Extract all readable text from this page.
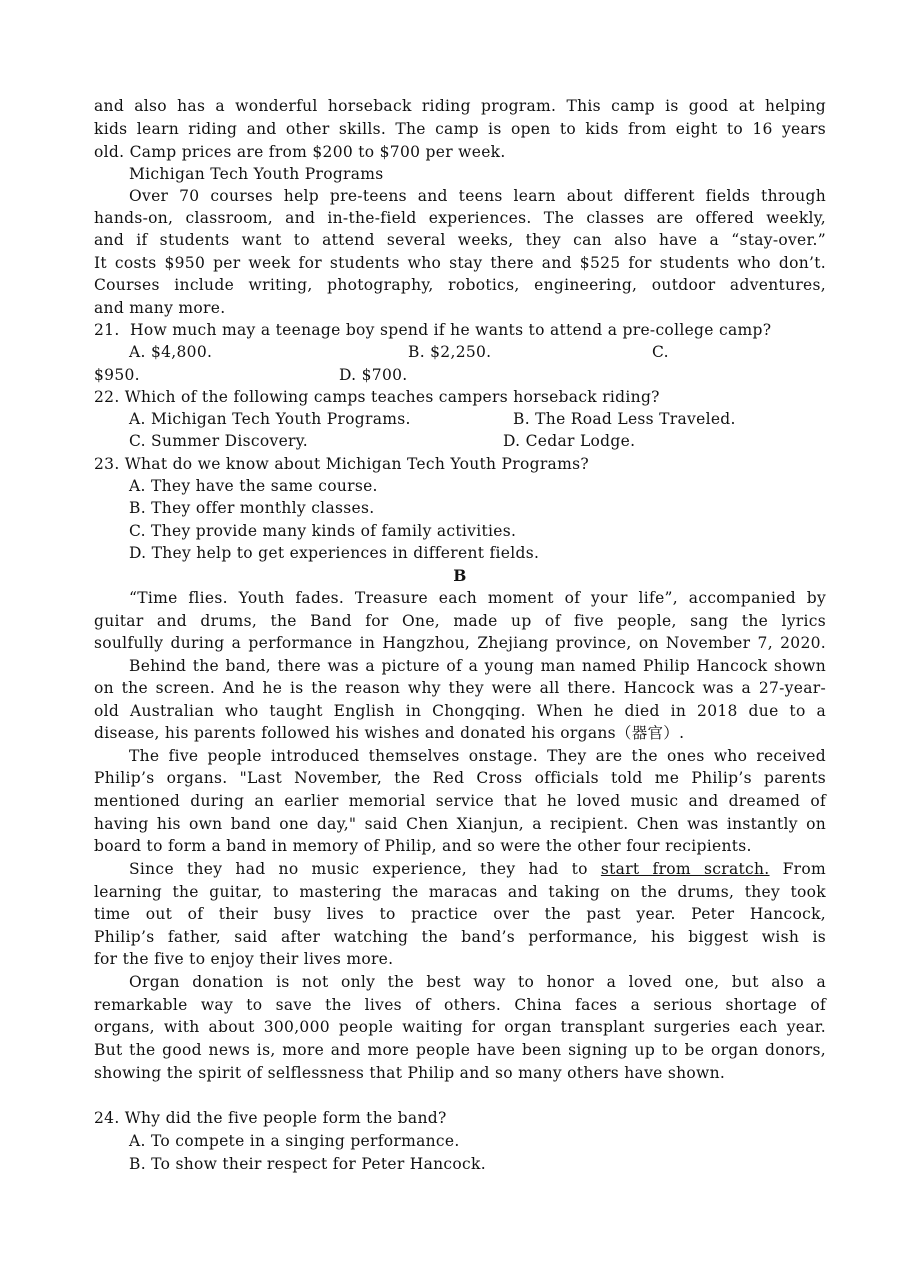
and also has a wonderful horseback riding program. This camp is good at helping
kids learn riding and other skills. The camp is open to kids from eight to 16 years
old. Camp prices are from $200 to $700 per week.
Michigan Tech Youth Programs
Over 70 courses help pre-teens and teens learn about different fields through
hands-on, classroom, and in-the-field experiences. The classes are offered weekly,
and if students want to attend several weeks, they can also have a “stay-over.”
It costs $950 per week for students who stay there and $525 for students who don’t.
Courses include writing, photography, robotics, engineering, outdoor adventures,
and many more.
21.  How much may a teenage boy spend if he wants to attend a pre-college camp?
A. $4,800.	B. $2,250.	C.
$950.	D. $700.
22. Which of the following camps teaches campers horseback riding?
A. Michigan Tech Youth Programs.	B. The Road Less Traveled.
C. Summer Discovery.	D. Cedar Lodge.
23. What do we know about Michigan Tech Youth Programs?
A. They have the same course.
B. They offer monthly classes.
C. They provide many kinds of family activities.
D. They help to get experiences in different fields.
B
“Time flies. Youth fades. Treasure each moment of your life”, accompanied by
guitar and drums, the Band for One, made up of five people, sang the lyrics
soulfully during a performance in Hangzhou, Zhejiang province, on November 7, 2020.
Behind the band, there was a picture of a young man named Philip Hancock shown
on the screen. And he is the reason why they were all there. Hancock was a 27-year-
old Australian who taught English in Chongqing. When he died in 2018 due to a
disease, his parents followed his wishes and donated his organs（器官）.
The five people introduced themselves onstage. They are the ones who received
Philip’s organs. "Last November, the Red Cross officials told me Philip’s parents
mentioned during an earlier memorial service that he loved music and dreamed of
having his own band one day," said Chen Xianjun, a recipient. Chen was instantly on
board to form a band in memory of Philip, and so were the other four recipients.
Since they had no music experience, they had to start from scratch. From
learning the guitar, to mastering the maracas and taking on the drums, they took
time out of their busy lives to practice over the past year. Peter Hancock,
Philip’s father, said after watching the band’s performance, his biggest wish is
for the five to enjoy their lives more.
Organ donation is not only the best way to honor a loved one, but also a
remarkable way to save the lives of others. China faces a serious shortage of
organs, with about 300,000 people waiting for organ transplant surgeries each year.
But the good news is, more and more people have been signing up to be organ donors,
showing the spirit of selflessness that Philip and so many others have shown.
24. Why did the five people form the band?
A. To compete in a singing performance.
B. To show their respect for Peter Hancock.
